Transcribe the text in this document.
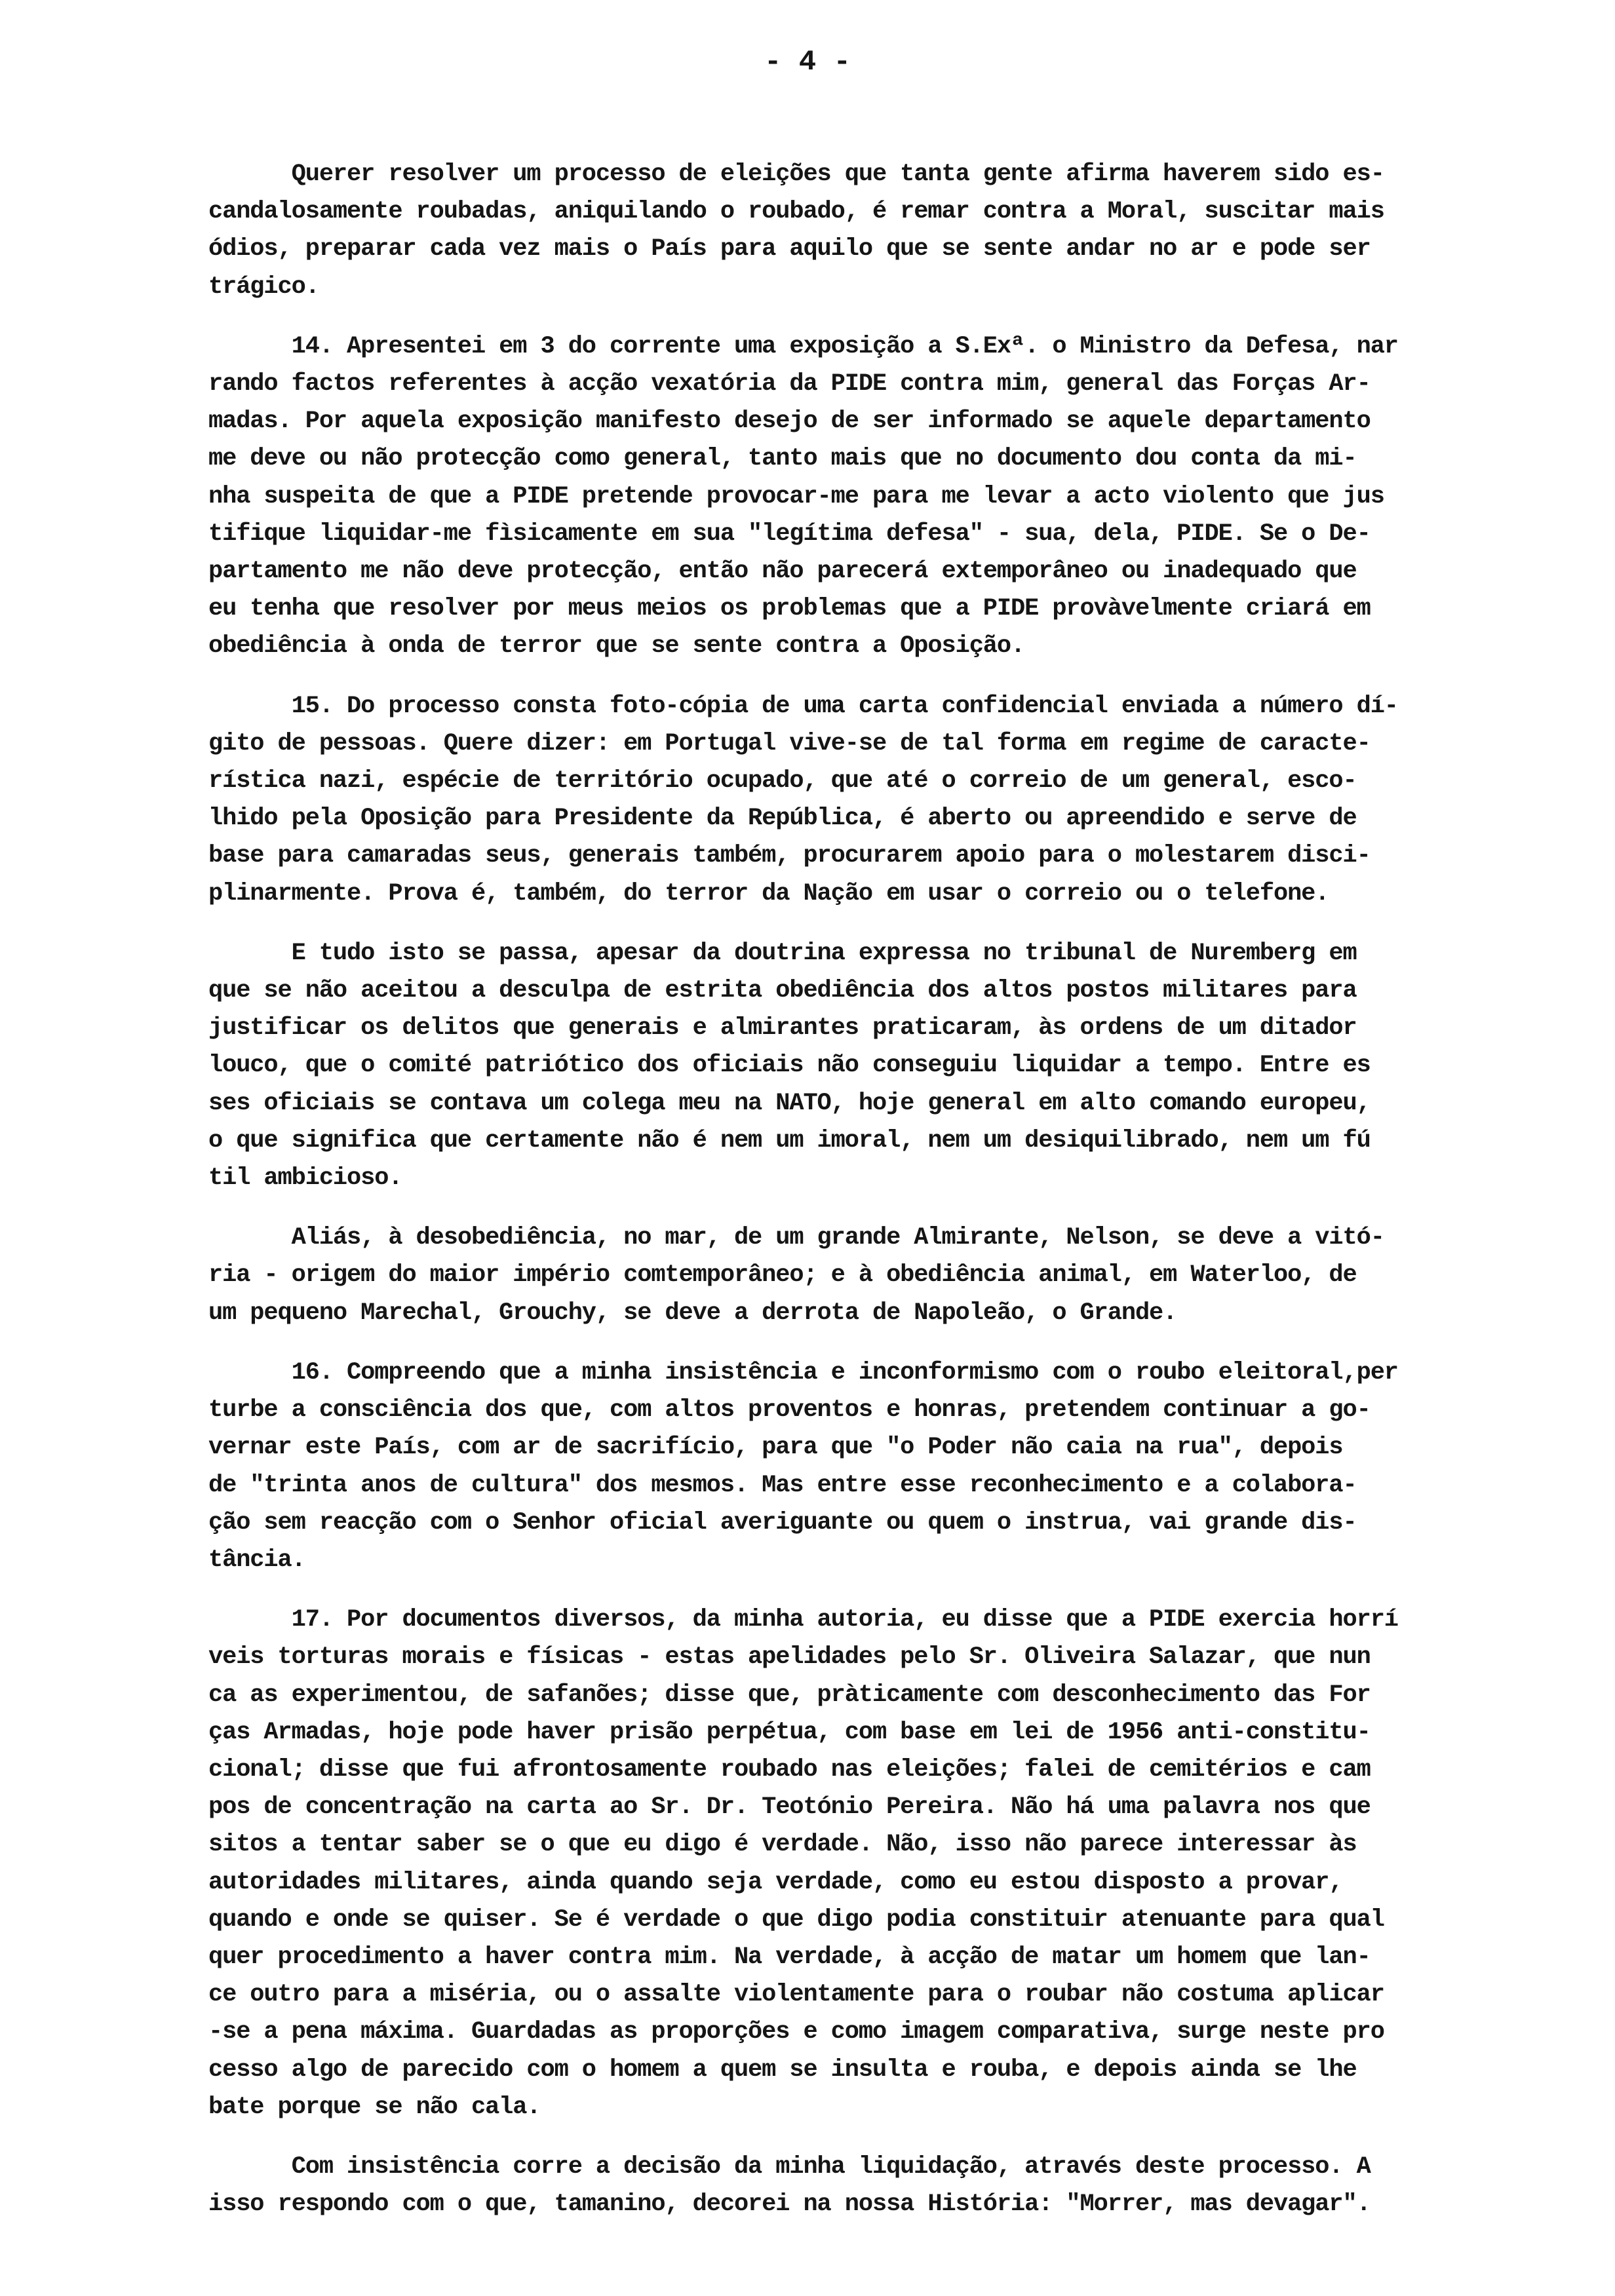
- 4 -
Querer resolver um processo de eleições que tanta gente afirma haverem sido es-
candalosamente roubadas, aniquilando o roubado, é remar contra a Moral, suscitar mais
ódios, preparar cada vez mais o País para aquilo que se sente andar no ar e pode ser
trágico.
14. Apresentei em 3 do corrente uma exposição a S.Exª. o Ministro da Defesa, nar
rando factos referentes à acção vexatória da PIDE contra mim, general das Forças Ar-
madas. Por aquela exposição manifesto desejo de ser informado se aquele departamento
me deve ou não protecção como general, tanto mais que no documento dou conta da mi-
nha suspeita de que a PIDE pretende provocar-me para me levar a acto violento que jus
tifique liquidar-me fìsicamente em sua "legítima defesa" - sua, dela, PIDE. Se o De-
partamento me não deve protecção, então não parecerá extemporâneo ou inadequado que
eu tenha que resolver por meus meios os problemas que a PIDE provàvelmente criará em
obediência à onda de terror que se sente contra a Oposição.
15. Do processo consta foto-cópia de uma carta confidencial enviada a número dí-
gito de pessoas. Quere dizer: em Portugal vive-se de tal forma em regime de caracte-
rística nazi, espécie de território ocupado, que até o correio de um general, esco-
lhido pela Oposição para Presidente da República, é aberto ou apreendido e serve de
base para camaradas seus, generais também, procurarem apoio para o molestarem disci-
plinarmente. Prova é, também, do terror da Nação em usar o correio ou o telefone.
E tudo isto se passa, apesar da doutrina expressa no tribunal de Nuremberg em
que se não aceitou a desculpa de estrita obediência dos altos postos militares para
justificar os delitos que generais e almirantes praticaram, às ordens de um ditador
louco, que o comité patriótico dos oficiais não conseguiu liquidar a tempo. Entre es
ses oficiais se contava um colega meu na NATO, hoje general em alto comando europeu,
o que significa que certamente não é nem um imoral, nem um desiquilibrado, nem um fú
til ambicioso.
Aliás, à desobediência, no mar, de um grande Almirante, Nelson, se deve a vitó-
ria - origem do maior império comtemporâneo; e à obediência animal, em Waterloo, de
um pequeno Marechal, Grouchy, se deve a derrota de Napoleão, o Grande.
16. Compreendo que a minha insistência e inconformismo com o roubo eleitoral,per
turbe a consciência dos que, com altos proventos e honras, pretendem continuar a go-
vernar este País, com ar de sacrifício, para que "o Poder não caia na rua", depois
de "trinta anos de cultura" dos mesmos. Mas entre esse reconhecimento e a colabora-
ção sem reacção com o Senhor oficial averiguante ou quem o instrua, vai grande dis-
tância.
17. Por documentos diversos, da minha autoria, eu disse que a PIDE exercia horrí
veis torturas morais e físicas - estas apelidades pelo Sr. Oliveira Salazar, que nun
ca as experimentou, de safanões; disse que, pràticamente com desconhecimento das For
ças Armadas, hoje pode haver prisão perpétua, com base em lei de 1956 anti-constitu-
cional; disse que fui afrontosamente roubado nas eleições; falei de cemitérios e cam
pos de concentração na carta ao Sr. Dr. Teotónio Pereira. Não há uma palavra nos que
sitos a tentar saber se o que eu digo é verdade. Não, isso não parece interessar às
autoridades militares, ainda quando seja verdade, como eu estou disposto a provar,
quando e onde se quiser. Se é verdade o que digo podia constituir atenuante para qual
quer procedimento a haver contra mim. Na verdade, à acção de matar um homem que lan-
ce outro para a miséria, ou o assalte violentamente para o roubar não costuma aplicar
-se a pena máxima. Guardadas as proporções e como imagem comparativa, surge neste pro
cesso algo de parecido com o homem a quem se insulta e rouba, e depois ainda se lhe
bate porque se não cala.
Com insistência corre a decisão da minha liquidação, através deste processo. A
isso respondo com o que, tamanino, decorei na nossa História: "Morrer, mas devagar".
